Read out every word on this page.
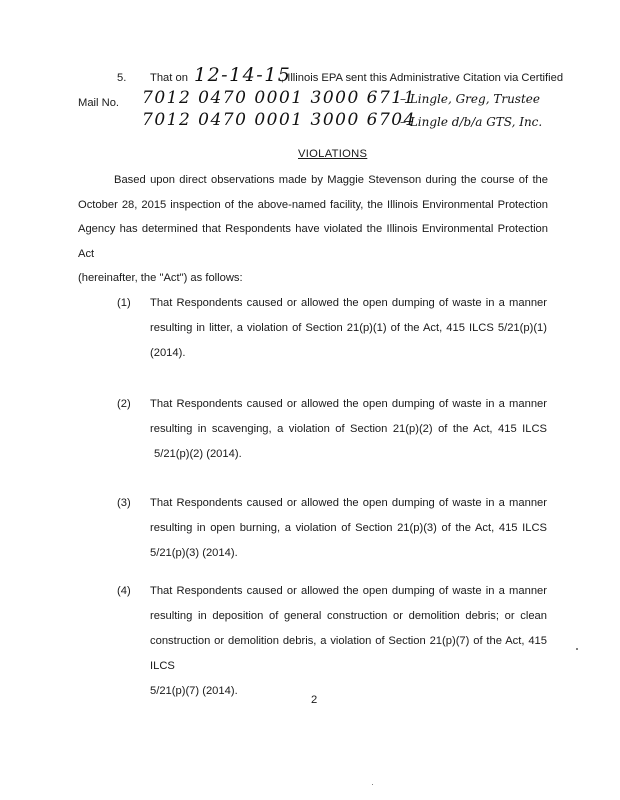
5. That on 12-14-15
, Illinois EPA sent this Administrative Citation via Certified
Mail No. 7012 0470 0001 3000 6711
– Lingle, Greg, Trustee
7012 0470 0001 3000 6704
– Lingle d/b/a GTS, Inc.
VIOLATIONS
Based upon direct observations made by Maggie Stevenson during the course of the
October 28, 2015 inspection of the above-named facility, the Illinois Environmental Protection
Agency has determined that Respondents have violated the Illinois Environmental Protection Act
(hereinafter, the "Act") as follows:
(1) That Respondents caused or allowed the open dumping of waste in a manner
resulting in litter, a violation of Section 21(p)(1) of the Act, 415 ILCS 5/21(p)(1)
(2014).
(2) That Respondents caused or allowed the open dumping of waste in a manner
resulting in scavenging, a violation of Section 21(p)(2) of the Act, 415 ILCS
5/21(p)(2) (2014).
(3) That Respondents caused or allowed the open dumping of waste in a manner
resulting in open burning, a violation of Section 21(p)(3) of the Act, 415 ILCS
5/21(p)(3) (2014).
(4) That Respondents caused or allowed the open dumping of waste in a manner
resulting in deposition of general construction or demolition debris; or clean
construction or demolition debris, a violation of Section 21(p)(7) of the Act, 415 ILCS
5/21(p)(7) (2014).
2
